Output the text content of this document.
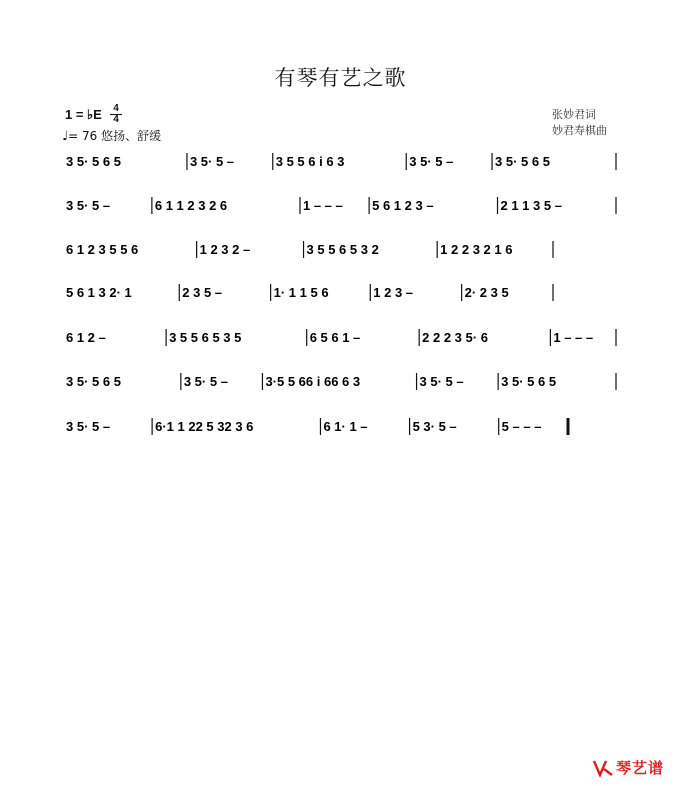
有琴有艺之歌
1 = ♭E	4
4
♩= 76 悠扬、舒缓
张妙君词
妙君寿棋曲
3 5· 5 6 5	3 5· 5 –	3 5 5 6 i 6 3	3 5· 5 –	3 5· 5 6 5
3 5· 5 –	6 1 1 2 3 2 6	1 – – – 5 6 1 2 3 –	2 1 1 3 5 –
6 1 2 3 5 5 6	1 2 3 2 –	3 5 5 6 5 3 2	1 2 2 3 2 1 6
5 6 1 3 2· 1	2 3 5 –	1· 1 1 5 6	1 2 3 –	2· 2 3 5
6 1 2 –	3 5 5 6 5 3 5	6 5 6 1 –	2 2 2 3 5· 6	1 – – –
3 5· 5 6 5	3 5· 5 –	3·5 5 66 i 66 6 3	3 5· 5 –	3 5· 5 6 5
3 5· 5 –	6·1 1 22 5 32 3 6	6 1· 1 –	5 3· 5 –	5 – – –
琴艺谱
